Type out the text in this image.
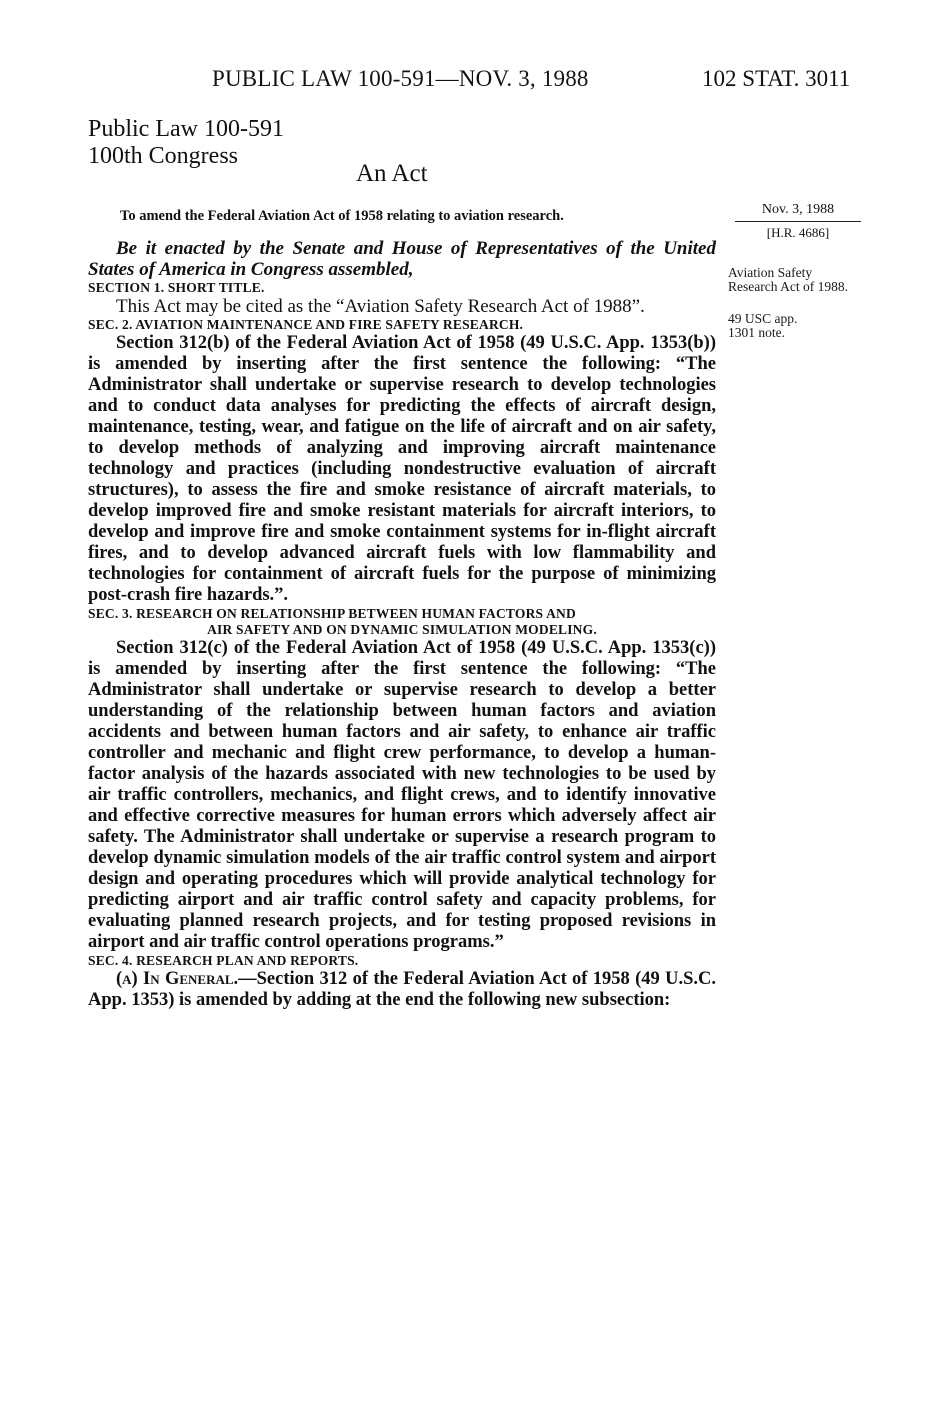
PUBLIC LAW 100-591—NOV. 3, 1988	102 STAT. 3011
Public Law 100-591
100th Congress
An Act
To amend the Federal Aviation Act of 1958 relating to aviation research.	Nov. 3, 1988
[H.R. 4686]
Aviation Safety Research Act of 1988.
49 USC app.
1301 note.

Be it enacted by the Senate and House of Representatives of the United States of America in Congress assembled,

SECTION 1. SHORT TITLE.

This Act may be cited as the “Aviation Safety Research Act of 1988”.

SEC. 2. AVIATION MAINTENANCE AND FIRE SAFETY RESEARCH.

Section 312(b) of the Federal Aviation Act of 1958 (49 U.S.C. App. 1353(b)) is amended by inserting after the first sentence the following: “The Administrator shall undertake or supervise research to develop technologies and to conduct data analyses for predicting the effects of aircraft design, maintenance, testing, wear, and fatigue on the life of aircraft and on air safety, to develop methods of analyzing and improving aircraft maintenance technology and practices (including nondestructive evaluation of aircraft structures), to assess the fire and smoke resistance of aircraft materials, to develop improved fire and smoke resistant materials for aircraft interiors, to develop and improve fire and smoke containment systems for in-flight aircraft fires, and to develop advanced aircraft fuels with low flammability and technologies for containment of aircraft fuels for the purpose of minimizing post-crash fire hazards.”.

SEC. 3. RESEARCH ON RELATIONSHIP BETWEEN HUMAN FACTORS AND
AIR SAFETY AND ON DYNAMIC SIMULATION MODELING.

Section 312(c) of the Federal Aviation Act of 1958 (49 U.S.C. App. 1353(c)) is amended by inserting after the first sentence the following: “The Administrator shall undertake or supervise research to develop a better understanding of the relationship between human factors and aviation accidents and between human factors and air safety, to enhance air traffic controller and mechanic and flight crew performance, to develop a human-factor analysis of the hazards associated with new technologies to be used by air traffic controllers, mechanics, and flight crews, and to identify innovative and effective corrective measures for human errors which adversely affect air safety. The Administrator shall undertake or supervise a research program to develop dynamic simulation models of the air traffic control system and airport design and operating procedures which will provide analytical technology for predicting airport and air traffic control safety and capacity problems, for evaluating planned research projects, and for testing proposed revisions in airport and air traffic control operations programs.”

SEC. 4. RESEARCH PLAN AND REPORTS.

(a) In General.—Section 312 of the Federal Aviation Act of 1958 (49 U.S.C. App. 1353) is amended by adding at the end the following new subsection:
